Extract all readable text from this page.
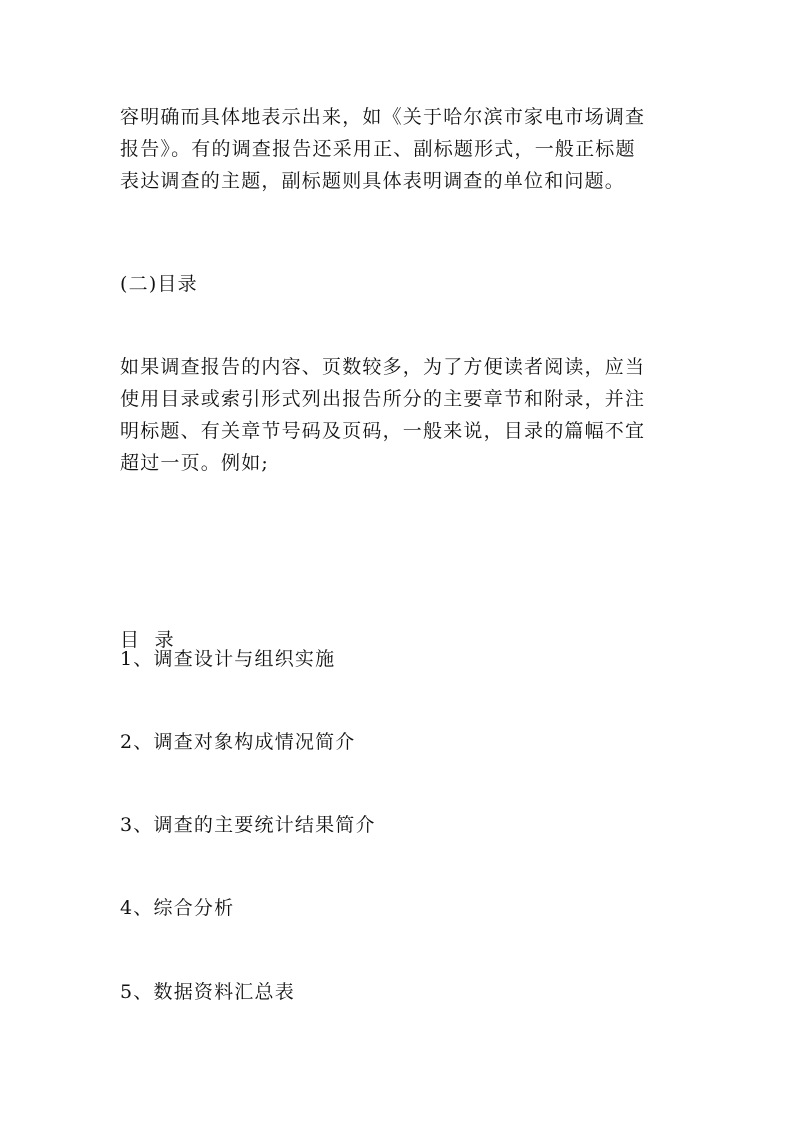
容明确而具体地表示出来，如《关于哈尔滨市家电市场调查
报告》。有的调查报告还采用正、副标题形式，一般正标题
表达调查的主题，副标题则具体表明调查的单位和问题。

(二)目录

如果调查报告的内容、页数较多，为了方便读者阅读，应当
使用目录或索引形式列出报告所分的主要章节和附录，并注
明标题、有关章节号码及页码，一般来说，目录的篇幅不宜
超过一页。例如;

目  录

1、调查设计与组织实施

2、调查对象构成情况简介

3、调查的主要统计结果简介

4、综合分析

5、数据资料汇总表
